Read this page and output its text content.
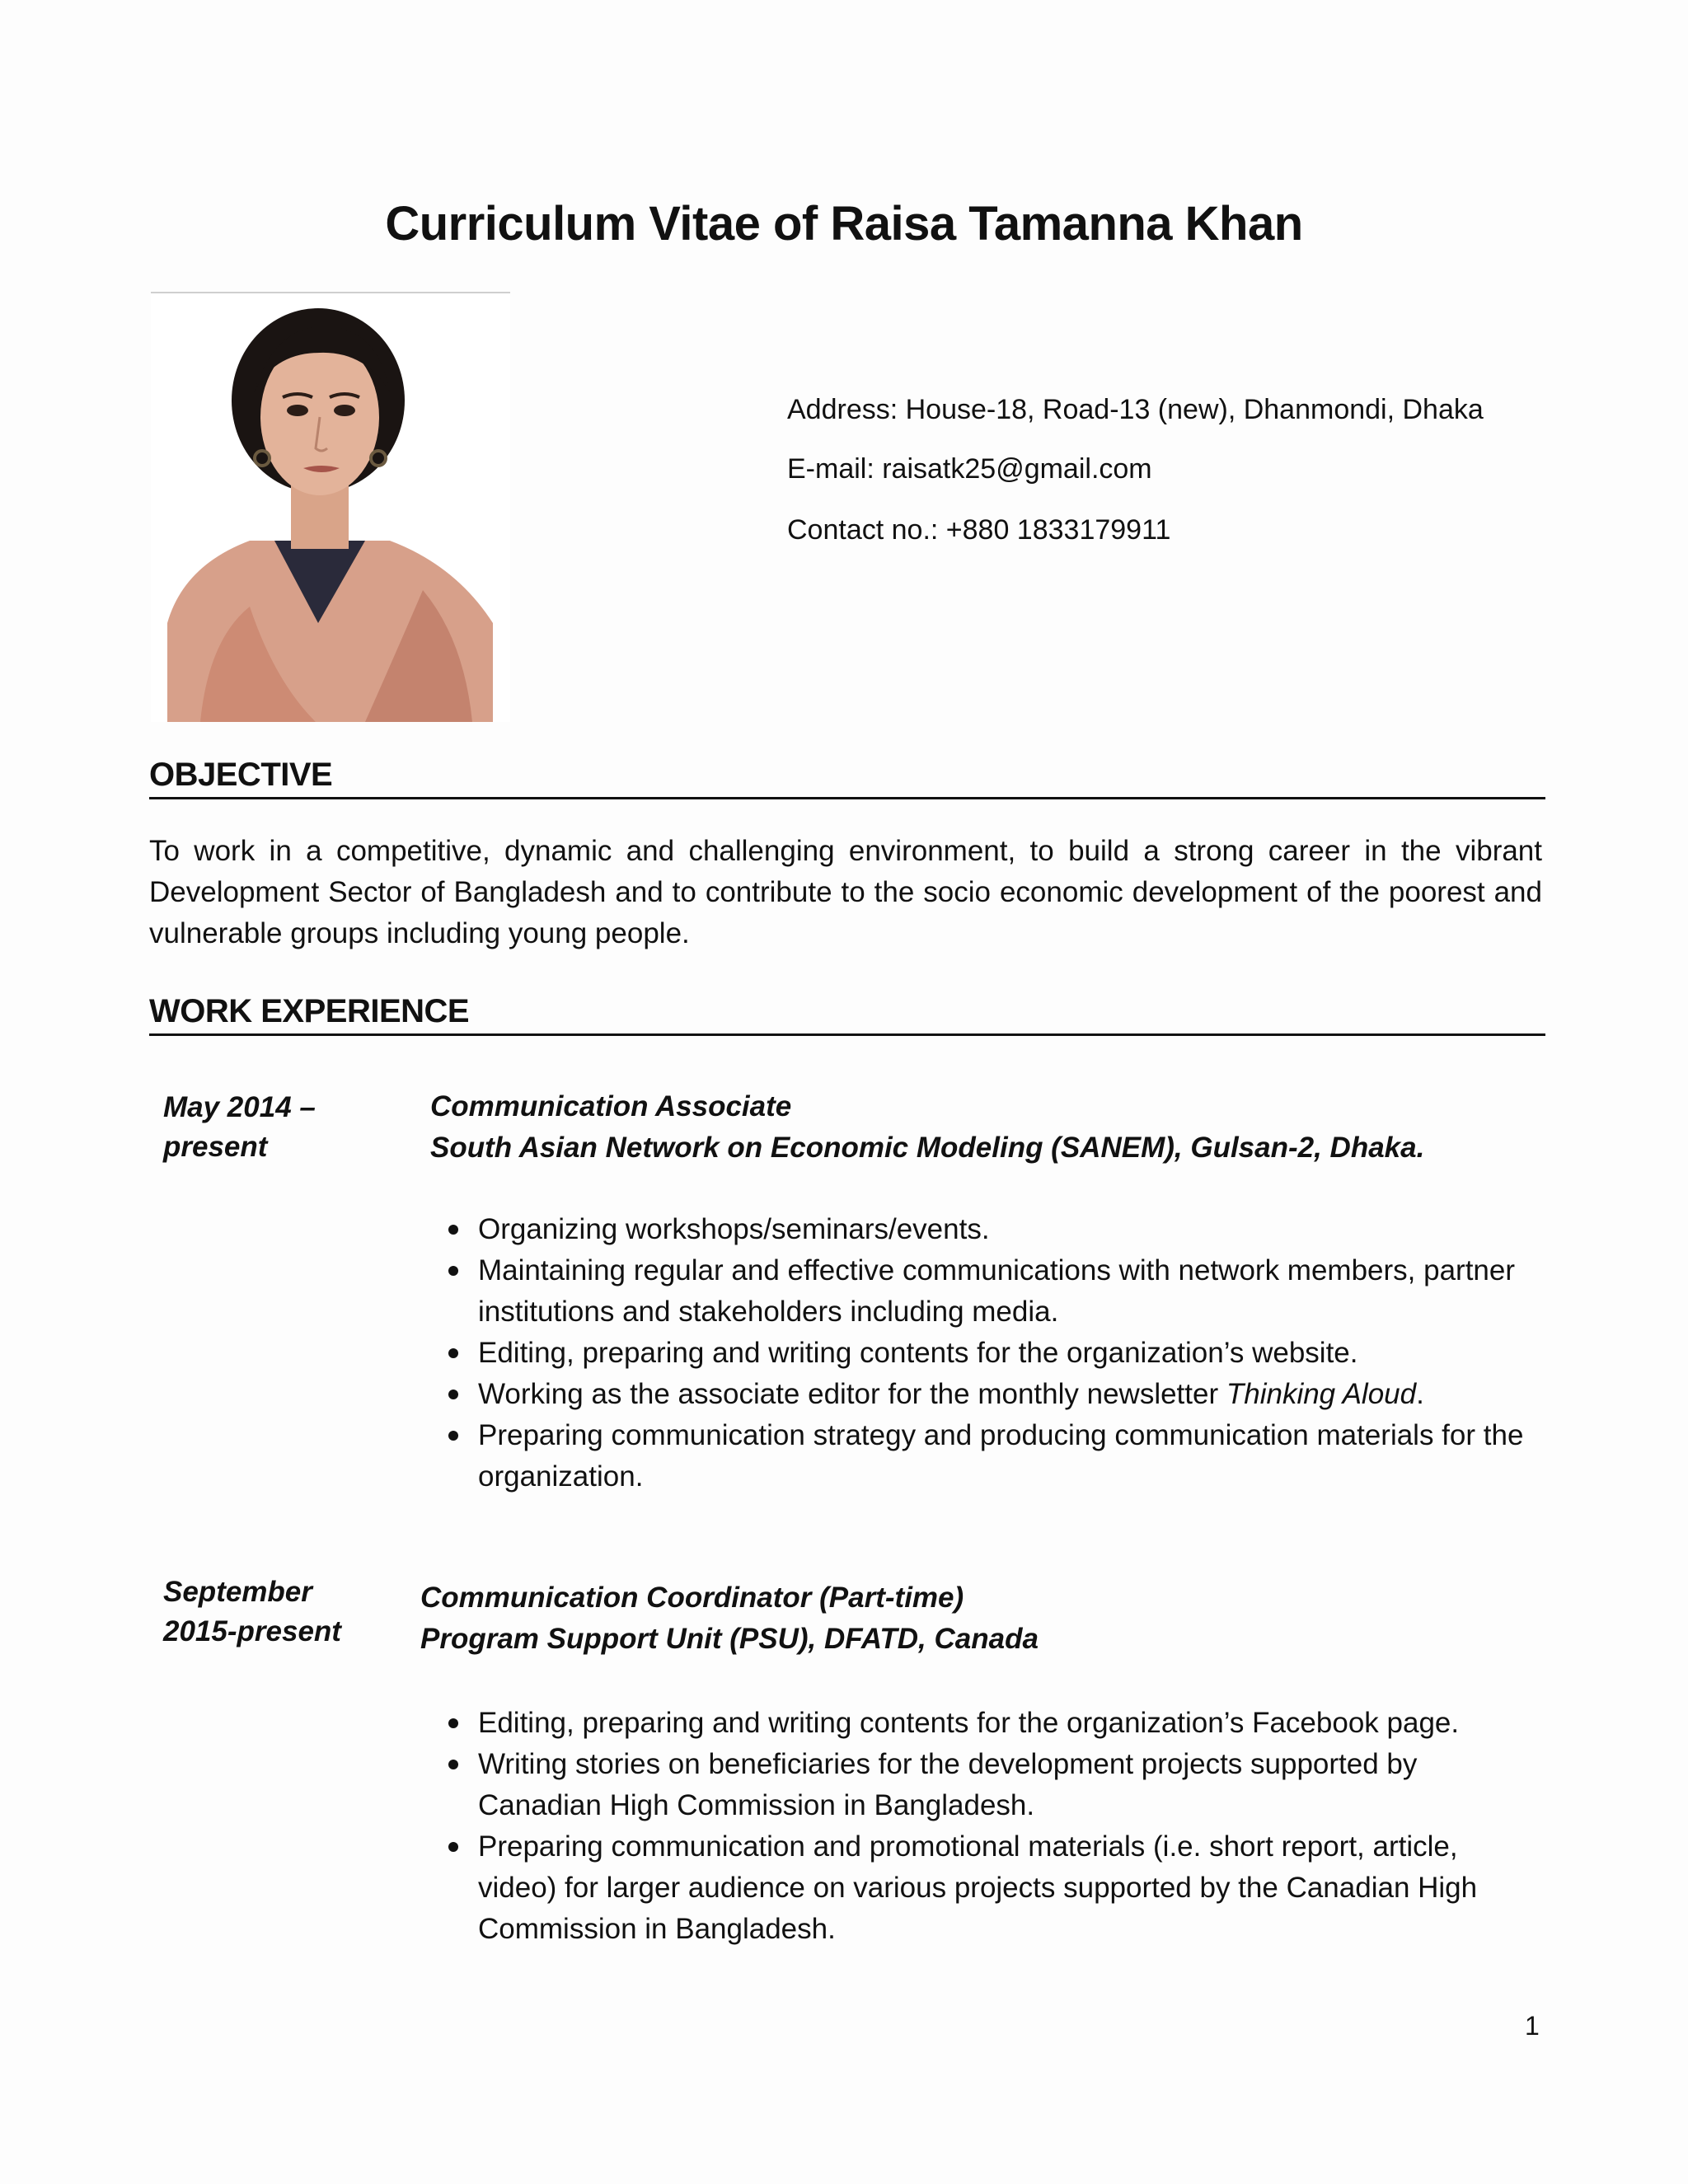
Curriculum Vitae of Raisa Tamanna Khan
Address: House-18, Road-13 (new), Dhanmondi, Dhaka
E-mail: raisatk25@gmail.com
Contact no.: +880 1833179911
OBJECTIVE
To work in a competitive, dynamic and challenging environment, to build a strong career in the vibrant Development Sector of Bangladesh and to contribute to the socio economic development of the poorest and vulnerable groups including young people.
WORK EXPERIENCE
May 2014 –
present
Communication Associate
South Asian Network on Economic Modeling (SANEM), Gulsan-2, Dhaka.
Organizing workshops/seminars/events.
Maintaining regular and effective communications with network members, partner institutions and stakeholders including media.
Editing, preparing and writing contents for the organization’s website.
Working as the associate editor for the monthly newsletter Thinking Aloud.
Preparing communication strategy and producing communication materials for the organization.
September
2015-present
Communication Coordinator (Part-time)
Program Support Unit (PSU), DFATD, Canada
Editing, preparing and writing contents for the organization’s Facebook page.
Writing stories on beneficiaries for the development projects supported by Canadian High Commission in Bangladesh.
Preparing communication and promotional materials (i.e. short report, article, video) for larger audience on various projects supported by the Canadian High Commission in Bangladesh.
1
